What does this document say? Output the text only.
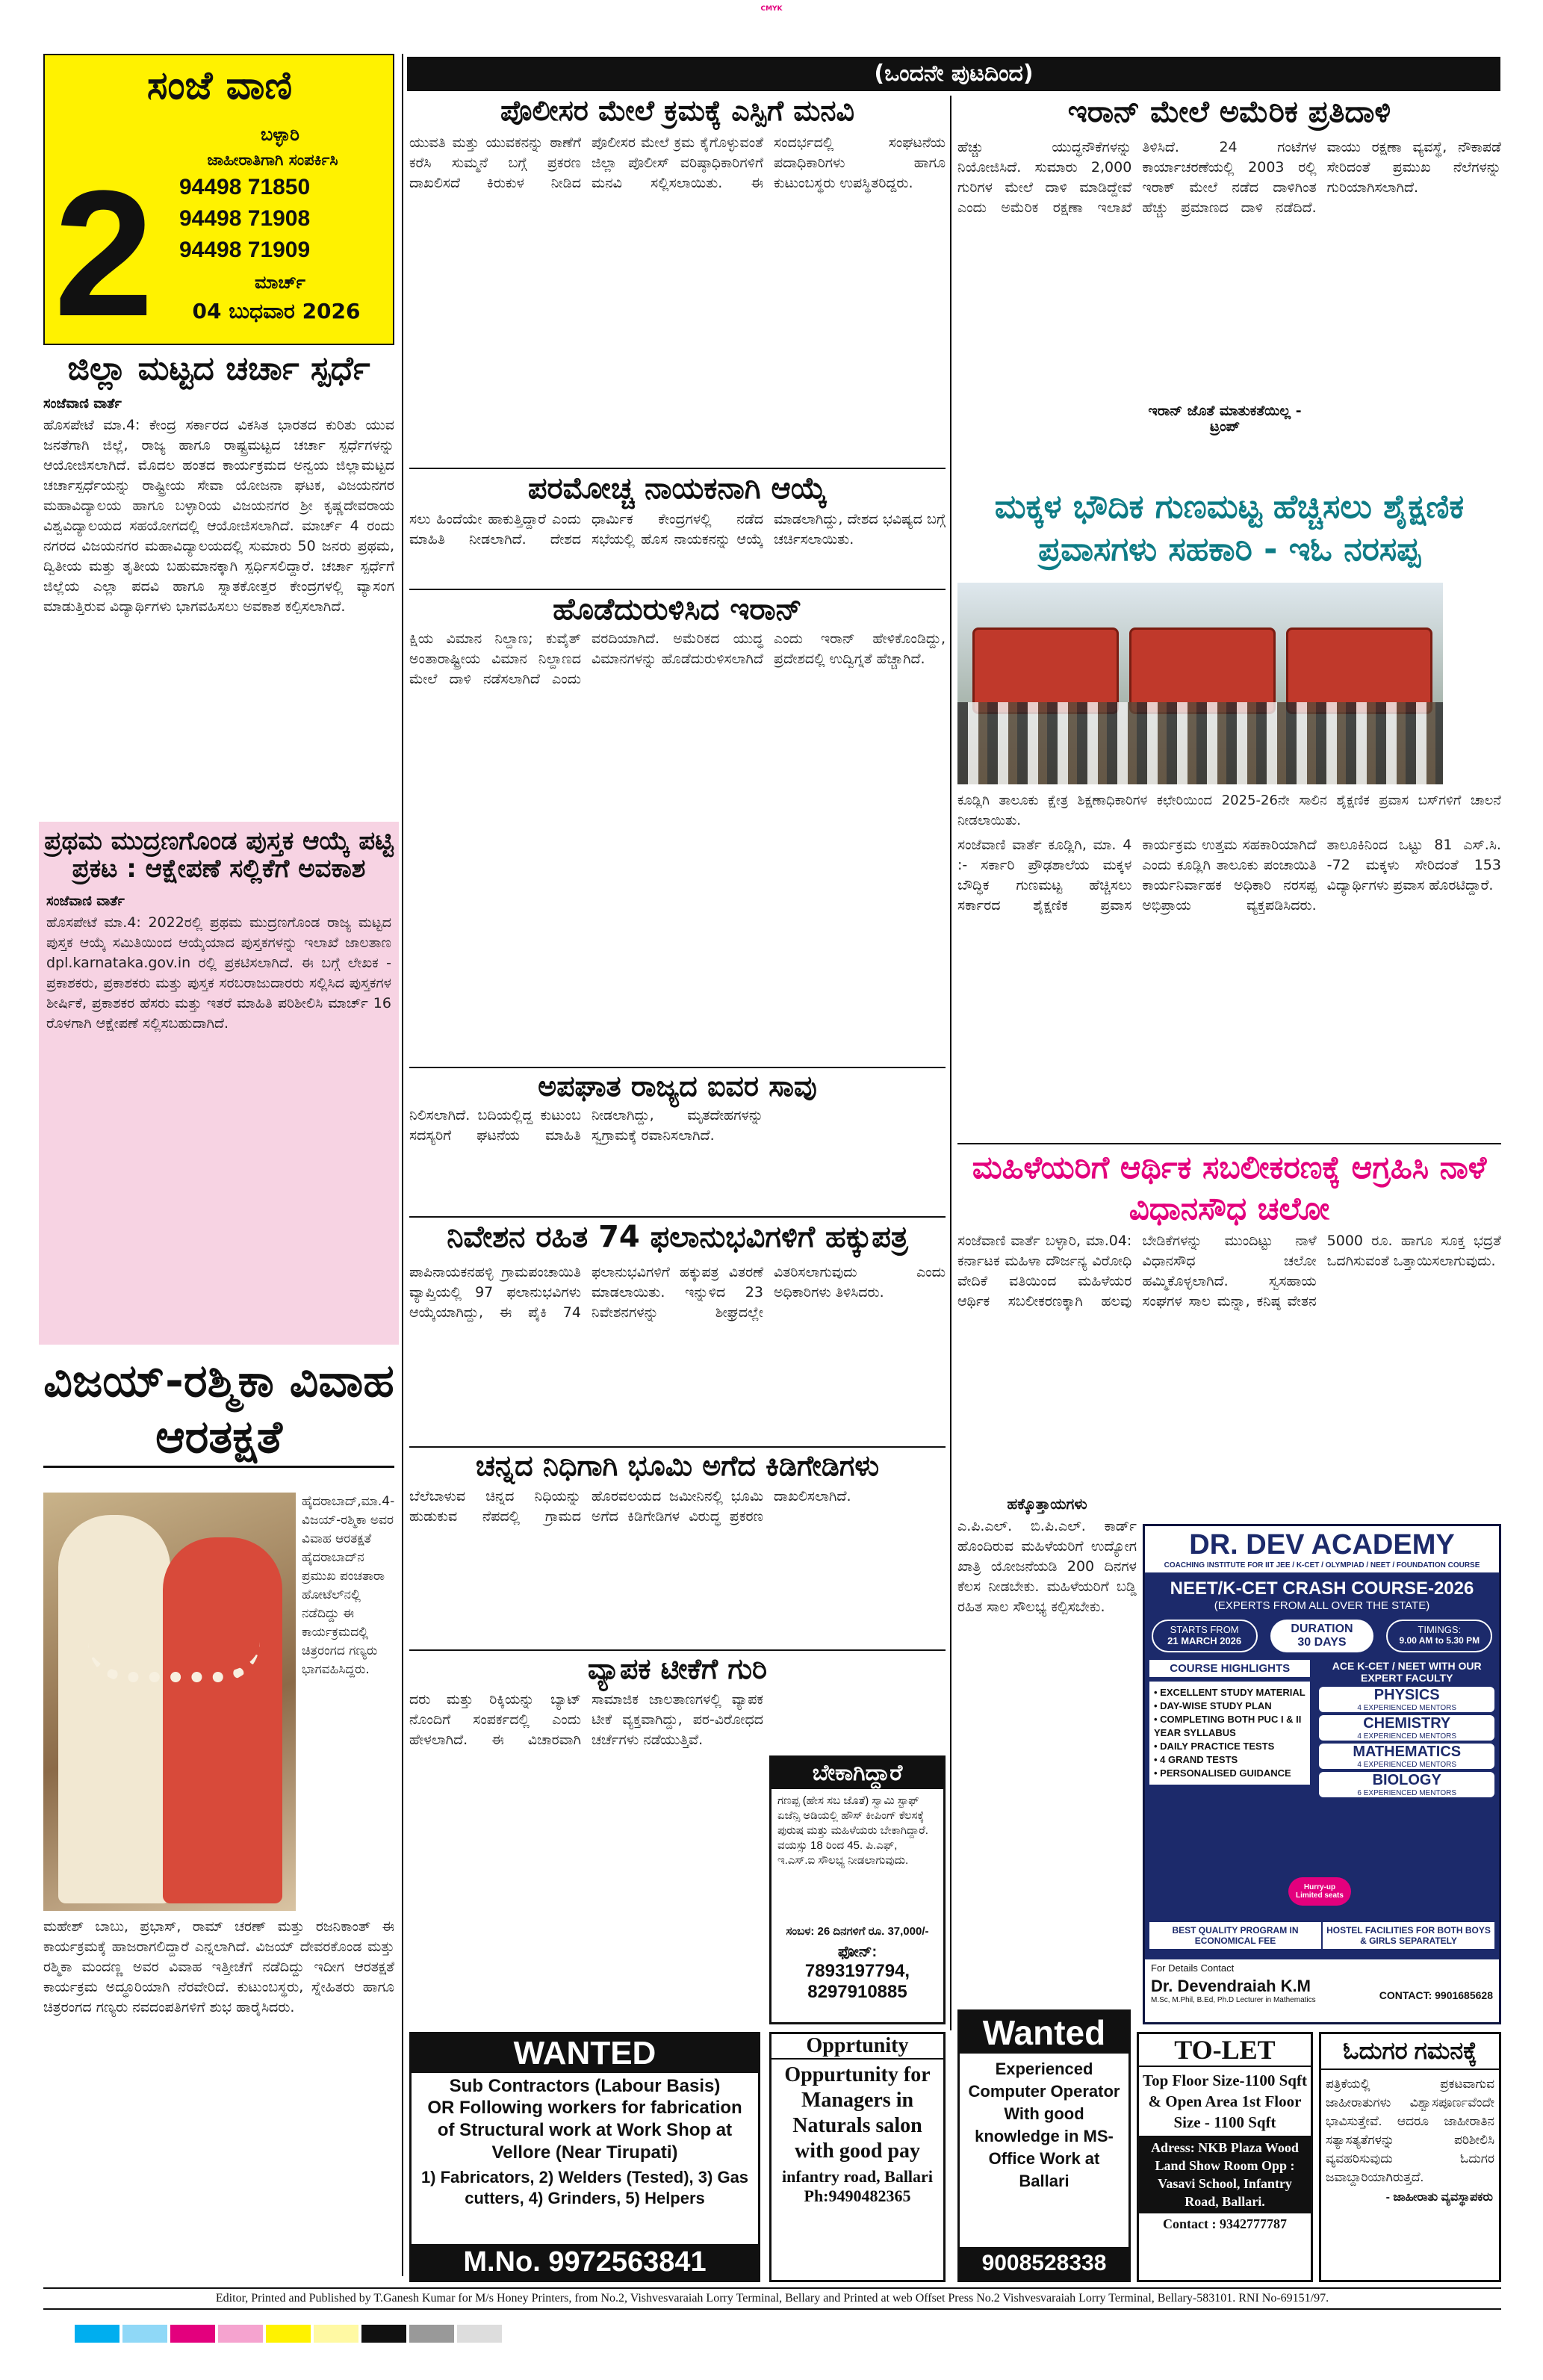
CMYK
ಸಂಜೆ ವಾಣಿ
ಬಳ್ಳಾರಿ
ಜಾಹೀರಾತಿಗಾಗಿ ಸಂಪರ್ಕಿಸಿ
2 94498 71850
94498 71908
94498 71909
ಮಾರ್ಚ್
04 ಬುಧವಾರ 2026
ಜಿಲ್ಲಾ ಮಟ್ಟದ ಚರ್ಚಾ ಸ್ಪರ್ಧೆ
ಸಂಜೆವಾಣಿ ವಾರ್ತೆ
ಹೊಸಪೇಟೆ ಮಾ.4: ಕೇಂದ್ರ ಸರ್ಕಾರದ ವಿಕಸಿತ ಭಾರತದ ಕುರಿತು ಯುವ ಜನತೆಗಾಗಿ ಜಿಲ್ಲೆ, ರಾಜ್ಯ ಹಾಗೂ ರಾಷ್ಟ್ರಮಟ್ಟದ ಚರ್ಚಾ ಸ್ಪರ್ಧೆಗಳನ್ನು ಆಯೋಜಿಸಲಾಗಿದೆ. ಮೊದಲ ಹಂತದ ಕಾರ್ಯಕ್ರಮದ ಅನ್ವಯ ಜಿಲ್ಲಾಮಟ್ಟದ ಚರ್ಚಾಸ್ಪರ್ಧೆಯನ್ನು ರಾಷ್ಟ್ರೀಯ ಸೇವಾ ಯೋಜನಾ ಘಟಕ, ವಿಜಯನಗರ ಮಹಾವಿದ್ಯಾಲಯ ಹಾಗೂ ಬಳ್ಳಾರಿಯ ವಿಜಯನಗರ ಶ್ರೀ ಕೃಷ್ಣದೇವರಾಯ ವಿಶ್ವವಿದ್ಯಾಲಯದ ಸಹಯೋಗದಲ್ಲಿ ಆಯೋಜಿಸಲಾಗಿದೆ. ಮಾರ್ಚ್ 4 ರಂದು ನಗರದ ವಿಜಯನಗರ ಮಹಾವಿದ್ಯಾಲಯದಲ್ಲಿ ಸುಮಾರು 50 ಜನರು ಪ್ರಥಮ, ದ್ವಿತೀಯ ಮತ್ತು ತೃತೀಯ ಬಹುಮಾನಕ್ಕಾಗಿ ಸ್ಪರ್ಧಿಸಲಿದ್ದಾರೆ. ಚರ್ಚಾ ಸ್ಪರ್ಧೆಗೆ ಜಿಲ್ಲೆಯ ಎಲ್ಲಾ ಪದವಿ ಹಾಗೂ ಸ್ನಾತಕೋತ್ತರ ಕೇಂದ್ರಗಳಲ್ಲಿ ವ್ಯಾಸಂಗ ಮಾಡುತ್ತಿರುವ ವಿದ್ಯಾರ್ಥಿಗಳು ಭಾಗವಹಿಸಲು ಅವಕಾಶ ಕಲ್ಪಿಸಲಾಗಿದೆ.
ಪ್ರಥಮ ಮುದ್ರಣಗೊಂಡ ಪುಸ್ತಕ ಆಯ್ಕೆ ಪಟ್ಟಿ ಪ್ರಕಟ : ಆಕ್ಷೇಪಣೆ ಸಲ್ಲಿಕೆಗೆ ಅವಕಾಶ
ಸಂಜೆವಾಣಿ ವಾರ್ತೆ
ಹೊಸಪೇಟೆ ಮಾ.4: 2022ರಲ್ಲಿ ಪ್ರಥಮ ಮುದ್ರಣಗೊಂಡ ರಾಜ್ಯ ಮಟ್ಟದ ಪುಸ್ತಕ ಆಯ್ಕೆ ಸಮಿತಿಯಿಂದ ಆಯ್ಕೆಯಾದ ಪುಸ್ತಕಗಳನ್ನು ಇಲಾಖೆ ಜಾಲತಾಣ dpl.karnataka.gov.in ರಲ್ಲಿ ಪ್ರಕಟಿಸಲಾಗಿದೆ. ಈ ಬಗ್ಗೆ ಲೇಖಕ - ಪ್ರಕಾಶಕರು, ಪ್ರಕಾಶಕರು ಮತ್ತು ಪುಸ್ತಕ ಸರಬರಾಜುದಾರರು ಸಲ್ಲಿಸಿದ ಪುಸ್ತಕಗಳ ಶೀರ್ಷಿಕೆ, ಪ್ರಕಾಶಕರ ಹೆಸರು ಮತ್ತು ಇತರೆ ಮಾಹಿತಿ ಪರಿಶೀಲಿಸಿ ಮಾರ್ಚ್ 16 ರೊಳಗಾಗಿ ಆಕ್ಷೇಪಣೆ ಸಲ್ಲಿಸಬಹುದಾಗಿದೆ.
ವಿಜಯ್-ರಶ್ಮಿಕಾ ವಿವಾಹ ಆರತಕ್ಷತೆ
ಹೈದರಾಬಾದ್,ಮಾ.4-ವಿಜಯ್-ರಶ್ಮಿಕಾ ಅವರ ವಿವಾಹ ಆರತಕ್ಷತೆ ಹೈದರಾಬಾದ್‌ನ ಪ್ರಮುಖ ಪಂಚತಾರಾ ಹೋಟೆಲ್‌ನಲ್ಲಿ ನಡೆದಿದ್ದು ಈ ಕಾರ್ಯಕ್ರಮದಲ್ಲಿ ಚಿತ್ರರಂಗದ ಗಣ್ಯರು ಭಾಗವಹಿಸಿದ್ದರು.
ಮಹೇಶ್ ಬಾಬು, ಪ್ರಭಾಸ್, ರಾಮ್ ಚರಣ್ ಮತ್ತು ರಜನಿಕಾಂತ್ ಈ ಕಾರ್ಯಕ್ರಮಕ್ಕೆ ಹಾಜರಾಗಲಿದ್ದಾರೆ ಎನ್ನಲಾಗಿದೆ. ವಿಜಯ್ ದೇವರಕೊಂಡ ಮತ್ತು ರಶ್ಮಿಕಾ ಮಂದಣ್ಣ ಅವರ ವಿವಾಹ ಇತ್ತೀಚೆಗೆ ನಡೆದಿದ್ದು ಇದೀಗ ಆರತಕ್ಷತೆ ಕಾರ್ಯಕ್ರಮ ಅದ್ಧೂರಿಯಾಗಿ ನೆರವೇರಿದೆ. ಕುಟುಂಬಸ್ಥರು, ಸ್ನೇಹಿತರು ಹಾಗೂ ಚಿತ್ರರಂಗದ ಗಣ್ಯರು ನವದಂಪತಿಗಳಿಗೆ ಶುಭ ಹಾರೈಸಿದರು.
(ಒಂದನೇ ಪುಟದಿಂದ)
ಪೊಲೀಸರ ಮೇಲೆ ಕ್ರಮಕ್ಕೆ ಎಸ್ಪಿಗೆ ಮನವಿ
ಯುವತಿ ಮತ್ತು ಯುವಕನನ್ನು ಠಾಣೆಗೆ ಕರೆಸಿ ಸುಮ್ಮನೆ ಬಗ್ಗೆ ಪ್ರಕರಣ ದಾಖಲಿಸದೆ ಕಿರುಕುಳ ನೀಡಿದ ಪೊಲೀಸರ ಮೇಲೆ ಕ್ರಮ ಕೈಗೊಳ್ಳುವಂತೆ ಜಿಲ್ಲಾ ಪೊಲೀಸ್ ವರಿಷ್ಠಾಧಿಕಾರಿಗಳಿಗೆ ಮನವಿ ಸಲ್ಲಿಸಲಾಯಿತು. ಈ ಸಂದರ್ಭದಲ್ಲಿ ಸಂಘಟನೆಯ ಪದಾಧಿಕಾರಿಗಳು ಹಾಗೂ ಕುಟುಂಬಸ್ಥರು ಉಪಸ್ಥಿತರಿದ್ದರು.
ಪರಮೋಚ್ಚ ನಾಯಕನಾಗಿ ಆಯ್ಕೆ
ಸಲು ಹಿಂದೆಯೇ ಹಾಕುತ್ತಿದ್ದಾರೆ ಎಂದು ಮಾಹಿತಿ ನೀಡಲಾಗಿದೆ. ದೇಶದ ಧಾರ್ಮಿಕ ಕೇಂದ್ರಗಳಲ್ಲಿ ನಡೆದ ಸಭೆಯಲ್ಲಿ ಹೊಸ ನಾಯಕನನ್ನು ಆಯ್ಕೆ ಮಾಡಲಾಗಿದ್ದು, ದೇಶದ ಭವಿಷ್ಯದ ಬಗ್ಗೆ ಚರ್ಚಿಸಲಾಯಿತು.
ಹೊಡೆದುರುಳಿಸಿದ ಇರಾನ್
ಕ್ಷಿಯ ವಿಮಾನ ನಿಲ್ದಾಣ; ಕುವೈತ್ ಅಂತಾರಾಷ್ಟ್ರೀಯ ವಿಮಾನ ನಿಲ್ದಾಣದ ಮೇಲೆ ದಾಳಿ ನಡೆಸಲಾಗಿದೆ ಎಂದು ವರದಿಯಾಗಿದೆ. ಅಮೆರಿಕದ ಯುದ್ಧ ವಿಮಾನಗಳನ್ನು ಹೊಡೆದುರುಳಿಸಲಾಗಿದೆ ಎಂದು ಇರಾನ್ ಹೇಳಿಕೊಂಡಿದ್ದು, ಪ್ರದೇಶದಲ್ಲಿ ಉದ್ವಿಗ್ನತೆ ಹೆಚ್ಚಾಗಿದೆ.
ಅಪಘಾತ ರಾಜ್ಯದ ಐವರ ಸಾವು
ನಿಲಿಸಲಾಗಿದೆ. ಬದಿಯಲ್ಲಿದ್ದ ಕುಟುಂಬ ಸದಸ್ಯರಿಗೆ ಘಟನೆಯ ಮಾಹಿತಿ ನೀಡಲಾಗಿದ್ದು, ಮೃತದೇಹಗಳನ್ನು ಸ್ವಗ್ರಾಮಕ್ಕೆ ರವಾನಿಸಲಾಗಿದೆ.
ನಿವೇಶನ ರಹಿತ 74 ಫಲಾನುಭವಿಗಳಿಗೆ ಹಕ್ಕುಪತ್ರ
ಪಾಪಿನಾಯಕನಹಳ್ಳಿ ಗ್ರಾಮಪಂಚಾಯಿತಿ ವ್ಯಾಪ್ತಿಯಲ್ಲಿ 97 ಫಲಾನುಭವಿಗಳು ಆಯ್ಕೆಯಾಗಿದ್ದು, ಈ ಪೈಕಿ 74 ಫಲಾನುಭವಿಗಳಿಗೆ ಹಕ್ಕುಪತ್ರ ವಿತರಣೆ ಮಾಡಲಾಯಿತು. ಇನ್ನುಳಿದ 23 ನಿವೇಶನಗಳನ್ನು ಶೀಘ್ರದಲ್ಲೇ ವಿತರಿಸಲಾಗುವುದು ಎಂದು ಅಧಿಕಾರಿಗಳು ತಿಳಿಸಿದರು.
ಚನ್ನದ ನಿಧಿಗಾಗಿ ಭೂಮಿ ಅಗೆದ ಕಿಡಿಗೇಡಿಗಳು
ಬೆಲೆಬಾಳುವ ಚಿನ್ನದ ನಿಧಿಯನ್ನು ಹುಡುಕುವ ನೆಪದಲ್ಲಿ ಗ್ರಾಮದ ಹೊರವಲಯದ ಜಮೀನಿನಲ್ಲಿ ಭೂಮಿ ಅಗೆದ ಕಿಡಿಗೇಡಿಗಳ ವಿರುದ್ಧ ಪ್ರಕರಣ ದಾಖಲಿಸಲಾಗಿದೆ.
ವ್ಯಾಪಕ ಟೀಕೆಗೆ ಗುರಿ
ದರು ಮತ್ತು ರಿಕ್ಕಿಯನ್ನು ಬ್ಯಾಟ್ ನೊಂದಿಗೆ ಸಂಪರ್ಕದಲ್ಲಿ ಎಂದು ಹೇಳಲಾಗಿದೆ. ಈ ವಿಚಾರವಾಗಿ ಸಾಮಾಜಿಕ ಜಾಲತಾಣಗಳಲ್ಲಿ ವ್ಯಾಪಕ ಟೀಕೆ ವ್ಯಕ್ತವಾಗಿದ್ದು, ಪರ-ವಿರೋಧದ ಚರ್ಚೆಗಳು ನಡೆಯುತ್ತಿವೆ.
ಬೇಕಾಗಿದ್ದಾರೆ
ಗಣಪ್ಪ (ಹೇಸ ಸಬ ಜೊತೆ) ಸ್ವಾಮಿ ಸ್ಟಾಫ್ ಏಜೆನ್ಸಿ ಅಡಿಯಲ್ಲಿ ಹೌಸ್ ಕೀಪಿಂಗ್ ಕೆಲಸಕ್ಕೆ ಪುರುಷ ಮತ್ತು ಮಹಿಳೆಯರು ಬೇಕಾಗಿದ್ದಾರೆ. ವಯಸ್ಸು 18 ರಿಂದ 45. ಪಿ.ಎಫ್, ಇ.ಎಸ್.ಐ ಸೌಲಭ್ಯ ನೀಡಲಾಗುವುದು.
ಸಂಬಳ: 26 ದಿನಗಳಿಗೆ ರೂ. 37,000/-
ಫೋನ್:
7893197794, 8297910885
ಇರಾನ್ ಮೇಲೆ ಅಮೆರಿಕ ಪ್ರತಿದಾಳಿ
ಹೆಚ್ಚು ಯುದ್ಧನೌಕೆಗಳನ್ನು ನಿಯೋಜಿಸಿದೆ. ಸುಮಾರು 2,000 ಗುರಿಗಳ ಮೇಲೆ ದಾಳಿ ಮಾಡಿದ್ದೇವೆ ಎಂದು ಅಮೆರಿಕ ರಕ್ಷಣಾ ಇಲಾಖೆ ತಿಳಿಸಿದೆ. 24 ಗಂಟೆಗಳ ಕಾರ್ಯಾಚರಣೆಯಲ್ಲಿ 2003 ರಲ್ಲಿ ಇರಾಕ್ ಮೇಲೆ ನಡೆದ ದಾಳಿಗಿಂತ ಹೆಚ್ಚು ಪ್ರಮಾಣದ ದಾಳಿ ನಡೆದಿದೆ. ವಾಯು ರಕ್ಷಣಾ ವ್ಯವಸ್ಥೆ, ನೌಕಾಪಡೆ ಸೇರಿದಂತೆ ಪ್ರಮುಖ ನೆಲೆಗಳನ್ನು ಗುರಿಯಾಗಿಸಲಾಗಿದೆ.
ಇರಾನ್ ಜೊತೆ ಮಾತುಕತೆಯಿಲ್ಲ - ಟ್ರಂಪ್
ಮಕ್ಕಳ ಭೌದಿಕ ಗುಣಮಟ್ಟ ಹೆಚ್ಚಿಸಲು ಶೈಕ್ಷಣಿಕ ಪ್ರವಾಸಗಳು ಸಹಕಾರಿ - ಇಓ ನರಸಪ್ಪ
ಕೂಡ್ಲಿಗಿ ತಾಲೂಕು ಕ್ಷೇತ್ರ ಶಿಕ್ಷಣಾಧಿಕಾರಿಗಳ ಕಛೇರಿಯಿಂದ 2025-26ನೇ ಸಾಲಿನ ಶೈಕ್ಷಣಿಕ ಪ್ರವಾಸ ಬಸ್‌ಗಳಿಗೆ ಚಾಲನೆ ನೀಡಲಾಯಿತು.
ಸಂಜೆವಾಣಿ ವಾರ್ತೆ ಕೂಡ್ಲಿಗಿ, ಮಾ. 4 :- ಸರ್ಕಾರಿ ಪ್ರೌಢಶಾಲೆಯ ಮಕ್ಕಳ ಬೌದ್ಧಿಕ ಗುಣಮಟ್ಟ ಹೆಚ್ಚಿಸಲು ಸರ್ಕಾರದ ಶೈಕ್ಷಣಿಕ ಪ್ರವಾಸ ಕಾರ್ಯಕ್ರಮ ಉತ್ತಮ ಸಹಕಾರಿಯಾಗಿದೆ ಎಂದು ಕೂಡ್ಲಿಗಿ ತಾಲೂಕು ಪಂಚಾಯಿತಿ ಕಾರ್ಯನಿರ್ವಾಹಕ ಅಧಿಕಾರಿ ನರಸಪ್ಪ ಅಭಿಪ್ರಾಯ ವ್ಯಕ್ತಪಡಿಸಿದರು. ತಾಲೂಕಿನಿಂದ ಒಟ್ಟು 81 ಎಸ್.ಸಿ. -72 ಮಕ್ಕಳು ಸೇರಿದಂತೆ 153 ವಿದ್ಯಾರ್ಥಿಗಳು ಪ್ರವಾಸ ಹೊರಟಿದ್ದಾರೆ.
ಮಹಿಳೆಯರಿಗೆ ಆರ್ಥಿಕ ಸಬಲೀಕರಣಕ್ಕೆ ಆಗ್ರಹಿಸಿ ನಾಳೆ ವಿಧಾನಸೌಧ ಚಲೋ
ಸಂಜೆವಾಣಿ ವಾರ್ತೆ ಬಳ್ಳಾರಿ, ಮಾ.04: ಕರ್ನಾಟಕ ಮಹಿಳಾ ದೌರ್ಜನ್ಯ ವಿರೋಧಿ ವೇದಿಕೆ ವತಿಯಿಂದ ಮಹಿಳೆಯರ ಆರ್ಥಿಕ ಸಬಲೀಕರಣಕ್ಕಾಗಿ ಹಲವು ಬೇಡಿಕೆಗಳನ್ನು ಮುಂದಿಟ್ಟು ನಾಳೆ ವಿಧಾನಸೌಧ ಚಲೋ ಹಮ್ಮಿಕೊಳ್ಳಲಾಗಿದೆ. ಸ್ವಸಹಾಯ ಸಂಘಗಳ ಸಾಲ ಮನ್ನಾ, ಕನಿಷ್ಠ ವೇತನ 5000 ರೂ. ಹಾಗೂ ಸೂಕ್ತ ಭದ್ರತೆ ಒದಗಿಸುವಂತೆ ಒತ್ತಾಯಿಸಲಾಗುವುದು.
ಹಕ್ಕೊತ್ತಾಯಗಳು
ಎ.ಪಿ.ಎಲ್. ಬಿ.ಪಿ.ಎಲ್. ಕಾರ್ಡ್ ಹೊಂದಿರುವ ಮಹಿಳೆಯರಿಗೆ ಉದ್ಯೋಗ ಖಾತ್ರಿ ಯೋಜನೆಯಡಿ 200 ದಿನಗಳ ಕೆಲಸ ನೀಡಬೇಕು. ಮಹಿಳೆಯರಿಗೆ ಬಡ್ಡಿ ರಹಿತ ಸಾಲ ಸೌಲಭ್ಯ ಕಲ್ಪಿಸಬೇಕು.
DR. DEV ACADEMY
COACHING INSTITUTE FOR IIT JEE / K-CET / OLYMPIAD / NEET / FOUNDATION COURSE
NEET/K-CET CRASH COURSE-2026
(EXPERTS FROM ALL OVER THE STATE)
STARTS FROM
21 MARCH 2026
DURATION
30 DAYS
TIMINGS:
9.00 AM to 5.30 PM
COURSE HIGHLIGHTS
• EXCELLENT STUDY MATERIAL
• DAY-WISE STUDY PLAN
• COMPLETING BOTH PUC I & II YEAR SYLLABUS
• DAILY PRACTICE TESTS
• 4 GRAND TESTS
• PERSONALISED GUIDANCE
ACE K-CET / NEET WITH OUR EXPERT FACULTY
PHYSICS
4 EXPERIENCED MENTORS
CHEMISTRY
4 EXPERIENCED MENTORS
MATHEMATICS
4 EXPERIENCED MENTORS
BIOLOGY
6 EXPERIENCED MENTORS
Hurry-up Limited seats
BEST QUALITY PROGRAM IN ECONOMICAL FEE
HOSTEL FACILITIES FOR BOTH BOYS & GIRLS SEPARATELY
For Details Contact
Dr. Devendraiah K.M
M.Sc, M.Phil, B.Ed, Ph.D Lecturer in Mathematics	CONTACT: 9901685628
WANTED
Sub Contractors (Labour Basis)
OR Following workers for fabrication of Structural work at Work Shop at Vellore (Near Tirupati)
1) Fabricators, 2) Welders (Tested), 3) Gas cutters, 4) Grinders, 5) Helpers
M.No. 9972563841
Opprtunity
Oppurtunity for Managers in Naturals salon with good pay
infantry road, Ballari
Ph:9490482365
Wanted
Experienced Computer Operator With good knowledge in MS-Office Work at Ballari
9008528338
TO-LET
Top Floor Size-1100 Sqft & Open Area 1st Floor Size - 1100 Sqft
Adress: NKB Plaza Wood Land Show Room Opp : Vasavi School, Infantry Road, Ballari.
Contact : 9342777787
ಓದುಗರ ಗಮನಕ್ಕೆ
ಪತ್ರಿಕೆಯಲ್ಲಿ ಪ್ರಕಟವಾಗುವ ಜಾಹೀರಾತುಗಳು ವಿಶ್ವಾಸಪೂರ್ಣವೆಂದೇ ಭಾವಿಸುತ್ತೇವೆ. ಆದರೂ ಜಾಹೀರಾತಿನ ಸತ್ಯಾಸತ್ಯತೆಗಳನ್ನು ಪರಿಶೀಲಿಸಿ ವ್ಯವಹರಿಸುವುದು ಓದುಗರ ಜವಾಬ್ದಾರಿಯಾಗಿರುತ್ತದೆ.
- ಜಾಹೀರಾತು ವ್ಯವಸ್ಥಾಪಕರು
Editor, Printed and Published by T.Ganesh Kumar for M/s Honey Printers, from No.2, Vishvesvaraiah Lorry Terminal, Bellary and Printed at web Offset Press No.2 Vishvesvaraiah Lorry Terminal, Bellary-583101. RNI No-69151/97.
